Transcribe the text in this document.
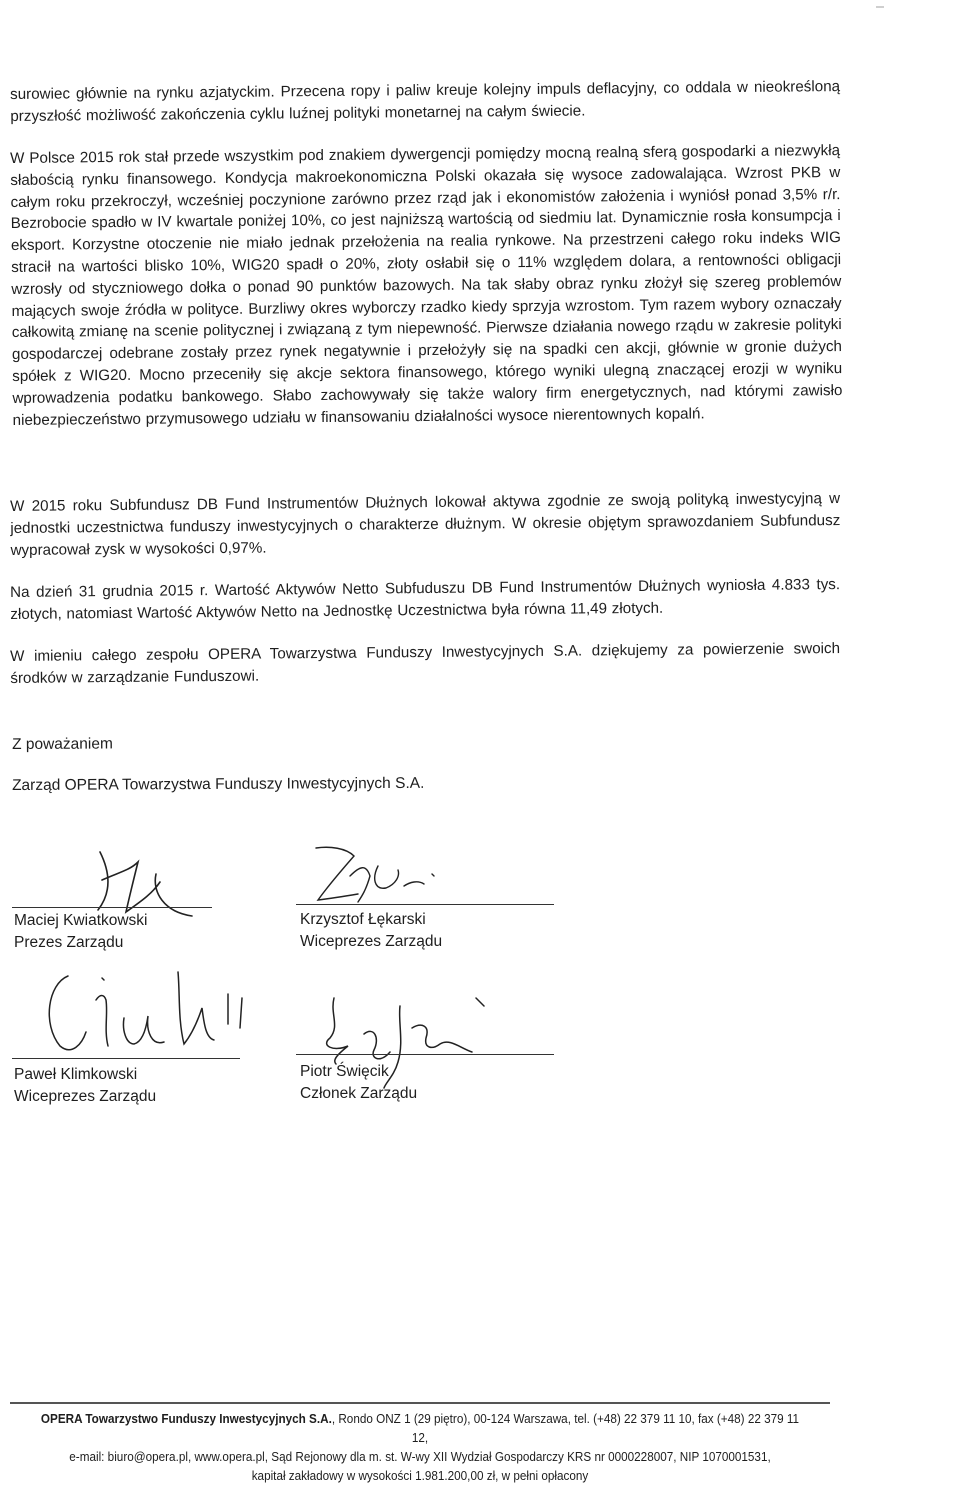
surowiec głównie na rynku azjatyckim. Przecena ropy i paliw kreuje kolejny impuls deflacyjny, co oddala w nieokreśloną przyszłość możliwość zakończenia cyklu luźnej polityki monetarnej na całym świecie.

W Polsce 2015 rok stał przede wszystkim pod znakiem dywergencji pomiędzy mocną realną sferą gospodarki a niezwykłą słabością rynku finansowego. Kondycja makroekonomiczna Polski okazała się wysoce zadowalająca. Wzrost PKB w całym roku przekroczył, wcześniej poczynione zarówno przez rząd jak i ekonomistów założenia i wyniósł ponad 3,5% r/r. Bezrobocie spadło w IV kwartale poniżej 10%, co jest najniższą wartością od siedmiu lat. Dynamicznie rosła konsumpcja i eksport. Korzystne otoczenie nie miało jednak przełożenia na realia rynkowe. Na przestrzeni całego roku indeks WIG stracił na wartości blisko 10%, WIG20 spadł o 20%, złoty osłabił się o 11% względem dolara, a rentowności obligacji wzrosły od styczniowego dołka o ponad 90 punktów bazowych. Na tak słaby obraz rynku złożył się szereg problemów mających swoje źródła w polityce. Burzliwy okres wyborczy rzadko kiedy sprzyja wzrostom. Tym razem wybory oznaczały całkowitą zmianę na scenie politycznej i związaną z tym niepewność. Pierwsze działania nowego rządu w zakresie polityki gospodarczej odebrane zostały przez rynek negatywnie i przełożyły się na spadki cen akcji, głównie w gronie dużych spółek z WIG20. Mocno przeceniły się akcje sektora finansowego, którego wyniki ulegną znaczącej erozji w wyniku wprowadzenia podatku bankowego. Słabo zachowywały się także walory firm energetycznych, nad którymi zawisło niebezpieczeństwo przymusowego udziału w finansowaniu działalności wysoce nierentownych kopalń.

W 2015 roku Subfundusz DB Fund Instrumentów Dłużnych lokował aktywa zgodnie ze swoją polityką inwestycyjną w jednostki uczestnictwa funduszy inwestycyjnych o charakterze dłużnym. W okresie objętym sprawozdaniem Subfundusz wypracował zysk w wysokości 0,97%.

Na dzień 31 grudnia 2015 r. Wartość Aktywów Netto Subfuduszu DB Fund Instrumentów Dłużnych wyniosła 4.833 tys. złotych, natomiast Wartość Aktywów Netto na Jednostkę Uczestnictwa była równa 11,49 złotych.

W imieniu całego zespołu OPERA Towarzystwa Funduszy Inwestycyjnych S.A. dziękujemy za powierzenie swoich środków w zarządzanie Funduszowi.

Z poważaniem
Zarząd OPERA Towarzystwa Funduszy Inwestycyjnych S.A.
Maciej Kwiatkowski
Prezes Zarządu
Krzysztof Łękarski
Wiceprezes Zarządu
Paweł Klimkowski
Wiceprezes Zarządu
Piotr Święcik
Członek Zarządu
OPERA Towarzystwo Funduszy Inwestycyjnych S.A., Rondo ONZ 1 (29 piętro), 00-124 Warszawa, tel. (+48) 22 379 11 10, fax (+48) 22 379 11 12,
e-mail: biuro@opera.pl, www.opera.pl, Sąd Rejonowy dla m. st. W-wy XII Wydział Gospodarczy KRS nr 0000228007, NIP 1070001531,
kapitał zakładowy w wysokości 1.981.200,00 zł, w pełni opłacony
